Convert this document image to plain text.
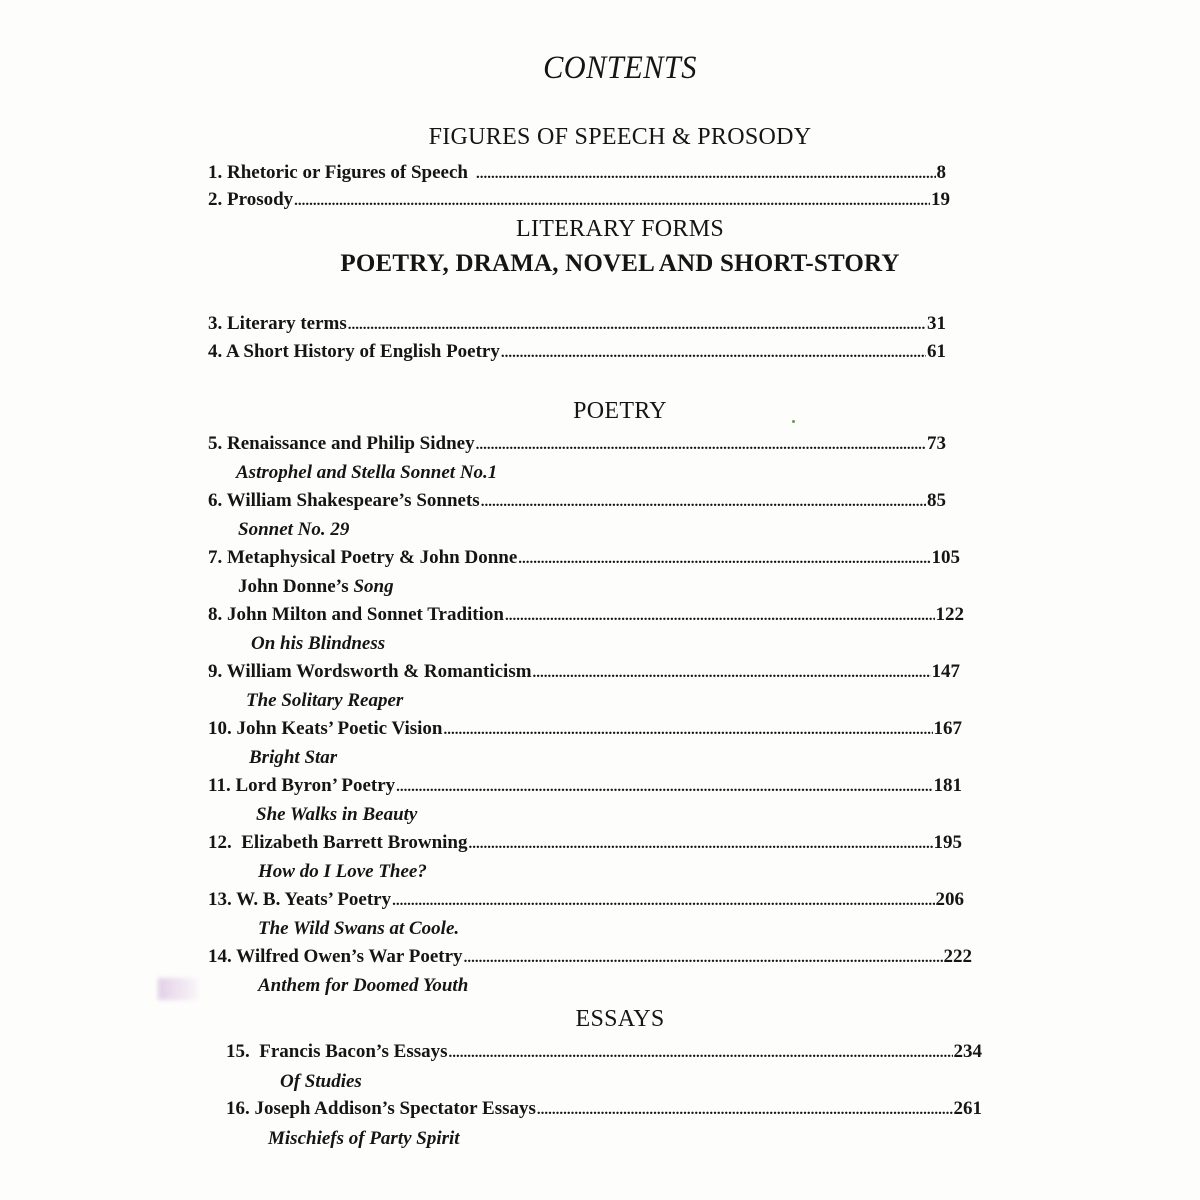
CONTENTS
FIGURES OF SPEECH & PROSODY
1. Rhetoric or Figures of Speech .....	8
2. Prosody .....	19
LITERARY FORMS
POETRY, DRAMA, NOVEL AND SHORT-STORY
3. Literary terms .....	31
4. A Short History of English Poetry .....	61
POETRY
5. Renaissance and Philip Sidney .....	73
Astrophel and Stella Sonnet No.1
6. William Shakespeare’s Sonnets .....	85
Sonnet No. 29
7. Metaphysical Poetry & John Donne .....	105
John Donne’s Song
8. John Milton and Sonnet Tradition .....	122
On his Blindness
9. William Wordsworth & Romanticism .....	147
The Solitary Reaper
10. John Keats’ Poetic Vision .....	167
Bright Star
11. Lord Byron’ Poetry .....	181
She Walks in Beauty
12.  Elizabeth Barrett Browning .....	195
How do I Love Thee?
13. W. B. Yeats’ Poetry .....	206
The Wild Swans at Coole.
14. Wilfred Owen’s War Poetry .....	222
Anthem for Doomed Youth
ESSAYS
15.  Francis Bacon’s Essays .....	234
Of Studies
16. Joseph Addison’s Spectator Essays .....	261
Mischiefs of Party Spirit
